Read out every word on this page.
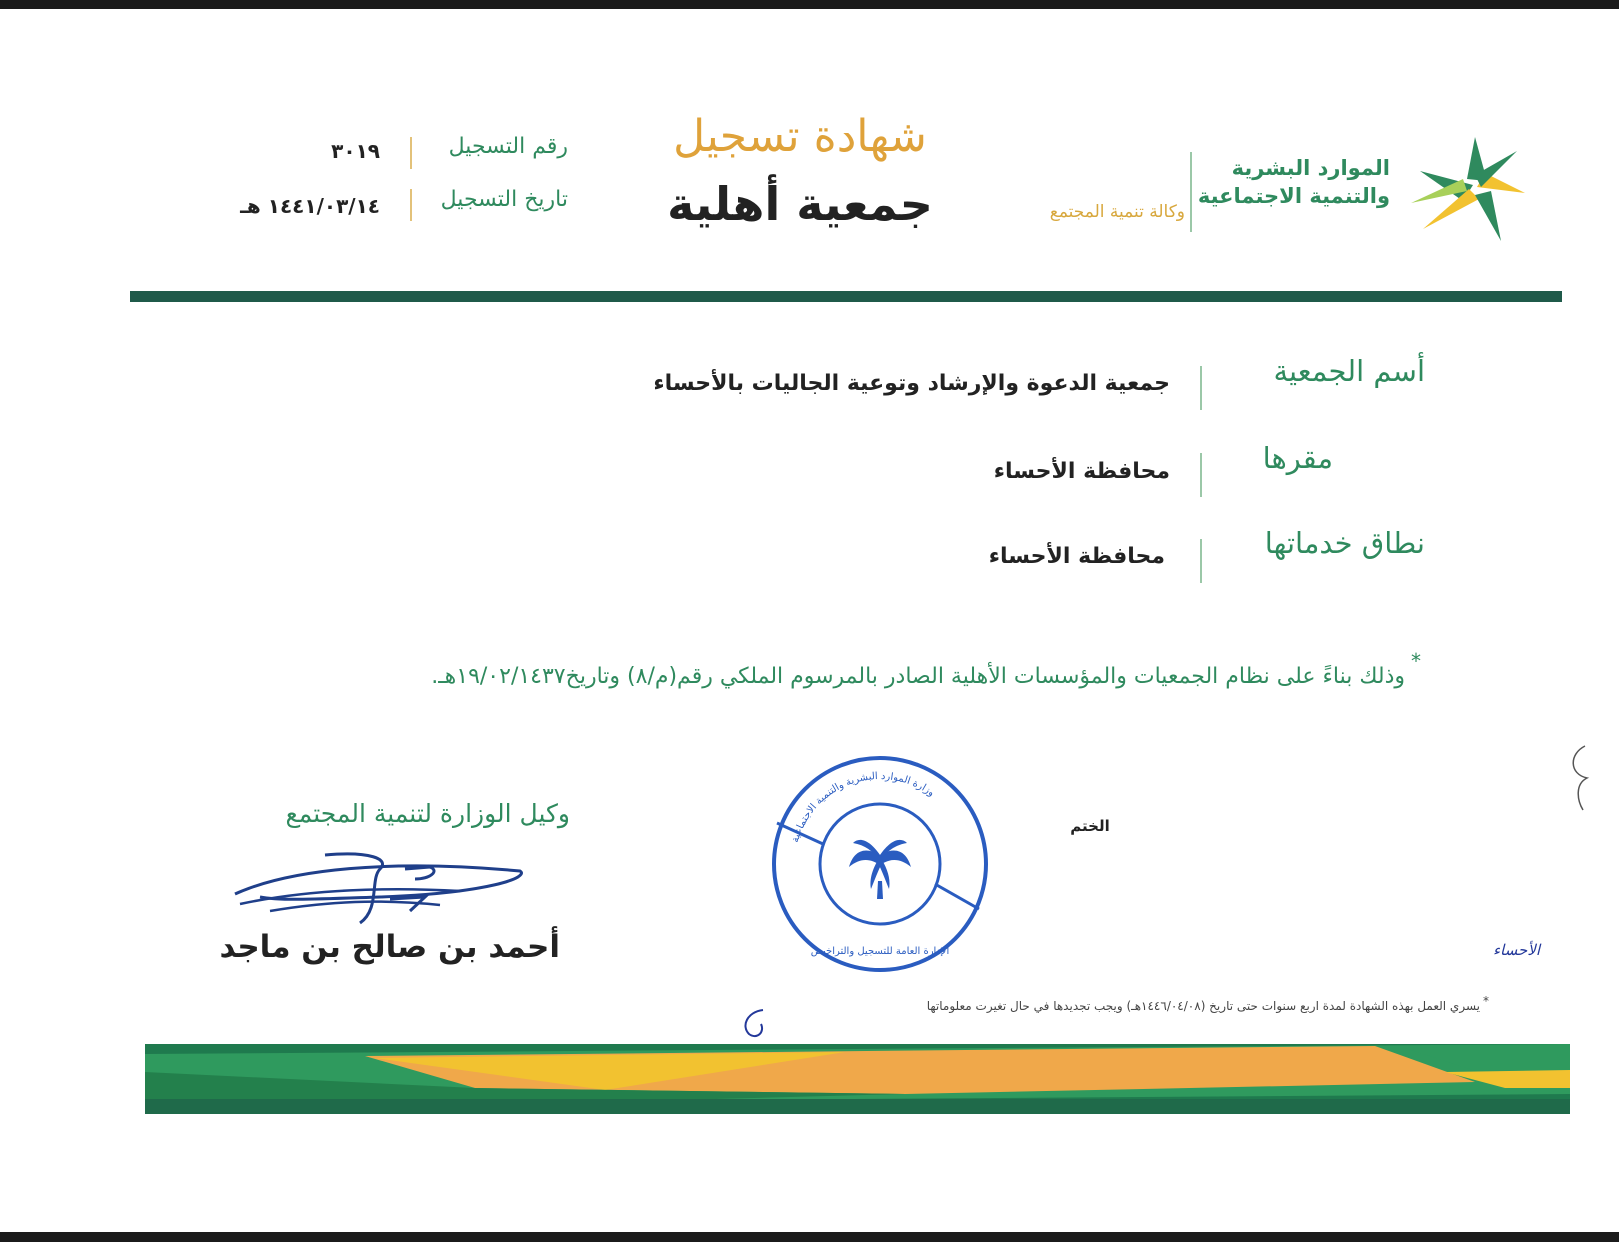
الموارد البشرية
والتنمية الاجتماعية
وكالة تنمية المجتمع
شهادة تسجيل
جمعية أهلية
رقم التسجيل
٣٠١٩
تاريخ التسجيل
١٤٤١/٠٣/١٤ هـ
أسم الجمعية
جمعية الدعوة والإرشاد وتوعية الجاليات بالأحساء
مقرها
محافظة الأحساء
نطاق خدماتها
محافظة الأحساء
*
وذلك بناءً على نظام الجمعيات والمؤسسات الأهلية الصادر بالمرسوم الملكي رقم(م/٨) وتاريخ١٩/٠٢/١٤٣٧هـ.
الختم
وزارة الموارد البشرية والتنمية الاجتماعية
الإدارة العامة للتسجيل والتراخيص
وكيل الوزارة لتنمية المجتمع
أحمد بن صالح بن ماجد	الأحساء
*
يسري العمل بهذه الشهادة لمدة اربع سنوات حتى تاريخ (١٤٤٦/٠٤/٠٨هـ) ويجب تجديدها في حال تغيرت معلوماتها
